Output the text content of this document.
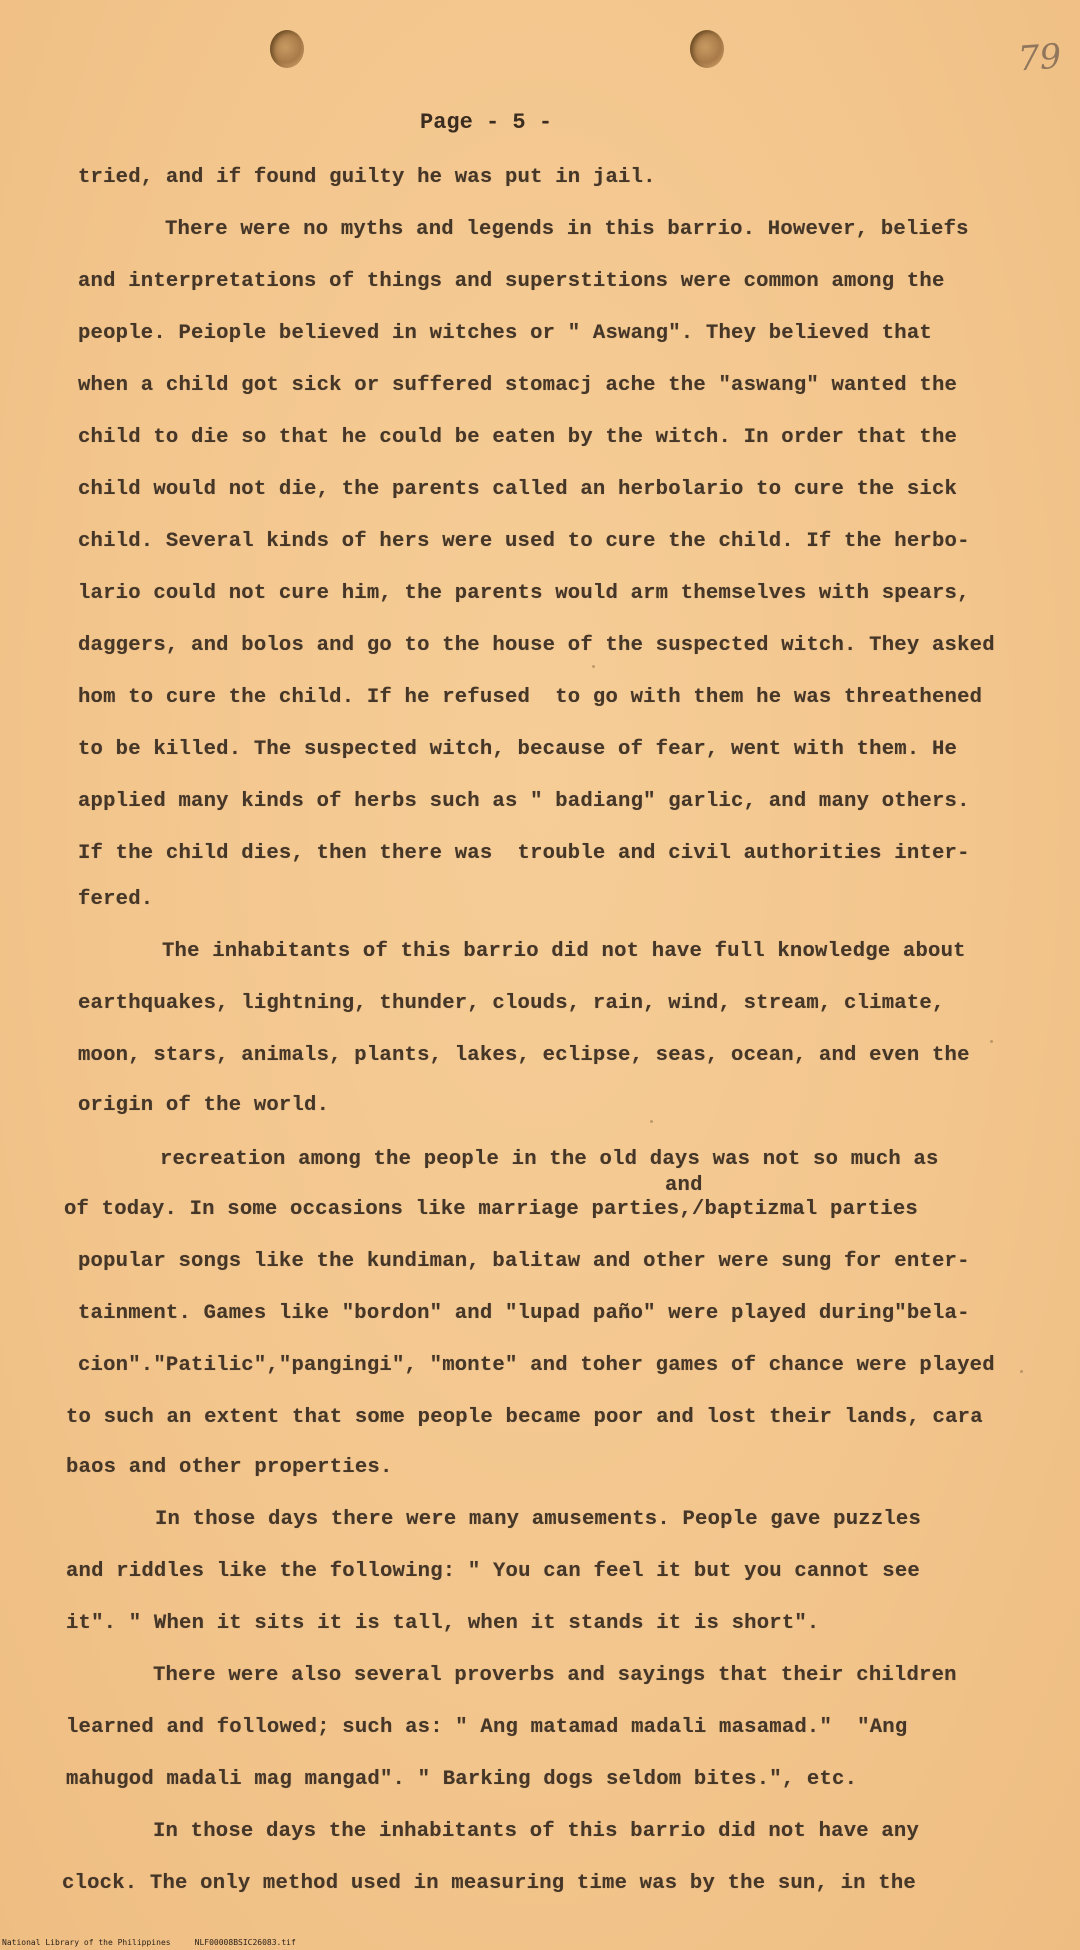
79
Page - 5 -
tried, and if found guilty he was put in jail.
There were no myths and legends in this barrio. However, beliefs
and interpretations of things and superstitions were common among the
people. Peiople believed in witches or " Aswang". They believed that
when a child got sick or suffered stomacj ache the "aswang" wanted the
child to die so that he could be eaten by the witch. In order that the
child would not die, the parents called an herbolario to cure the sick
child. Several kinds of hers were used to cure the child. If the herbo-
lario could not cure him, the parents would arm themselves with spears,
daggers, and bolos and go to the house of the suspected witch. They asked
hom to cure the child. If he refused  to go with them he was threathened
to be killed. The suspected witch, because of fear, went with them. He
applied many kinds of herbs such as " badiang" garlic, and many others.
If the child dies, then there was  trouble and civil authorities inter-
fered.
The inhabitants of this barrio did not have full knowledge about
earthquakes, lightning, thunder, clouds, rain, wind, stream, climate,
moon, stars, animals, plants, lakes, eclipse, seas, ocean, and even the
origin of the world.
recreation among the people in the old days was not so much as
and
of today. In some occasions like marriage parties,/baptizmal parties
popular songs like the kundiman, balitaw and other were sung for enter-
tainment. Games like "bordon" and "lupad paño" were played during"bela-
cion"."Patilic","pangingi", "monte" and toher games of chance were played
to such an extent that some people became poor and lost their lands, cara
baos and other properties.
In those days there were many amusements. People gave puzzles
and riddles like the following: " You can feel it but you cannot see
it". " When it sits it is tall, when it stands it is short".
There were also several proverbs and sayings that their children
learned and followed; such as: " Ang matamad madali masamad."  "Ang
mahugod madali mag mangad". " Barking dogs seldom bites.", etc.
In those days the inhabitants of this barrio did not have any
clock. The only method used in measuring time was by the sun, in the
National Library of the Philippines     NLF00008BSIC26083.tif
